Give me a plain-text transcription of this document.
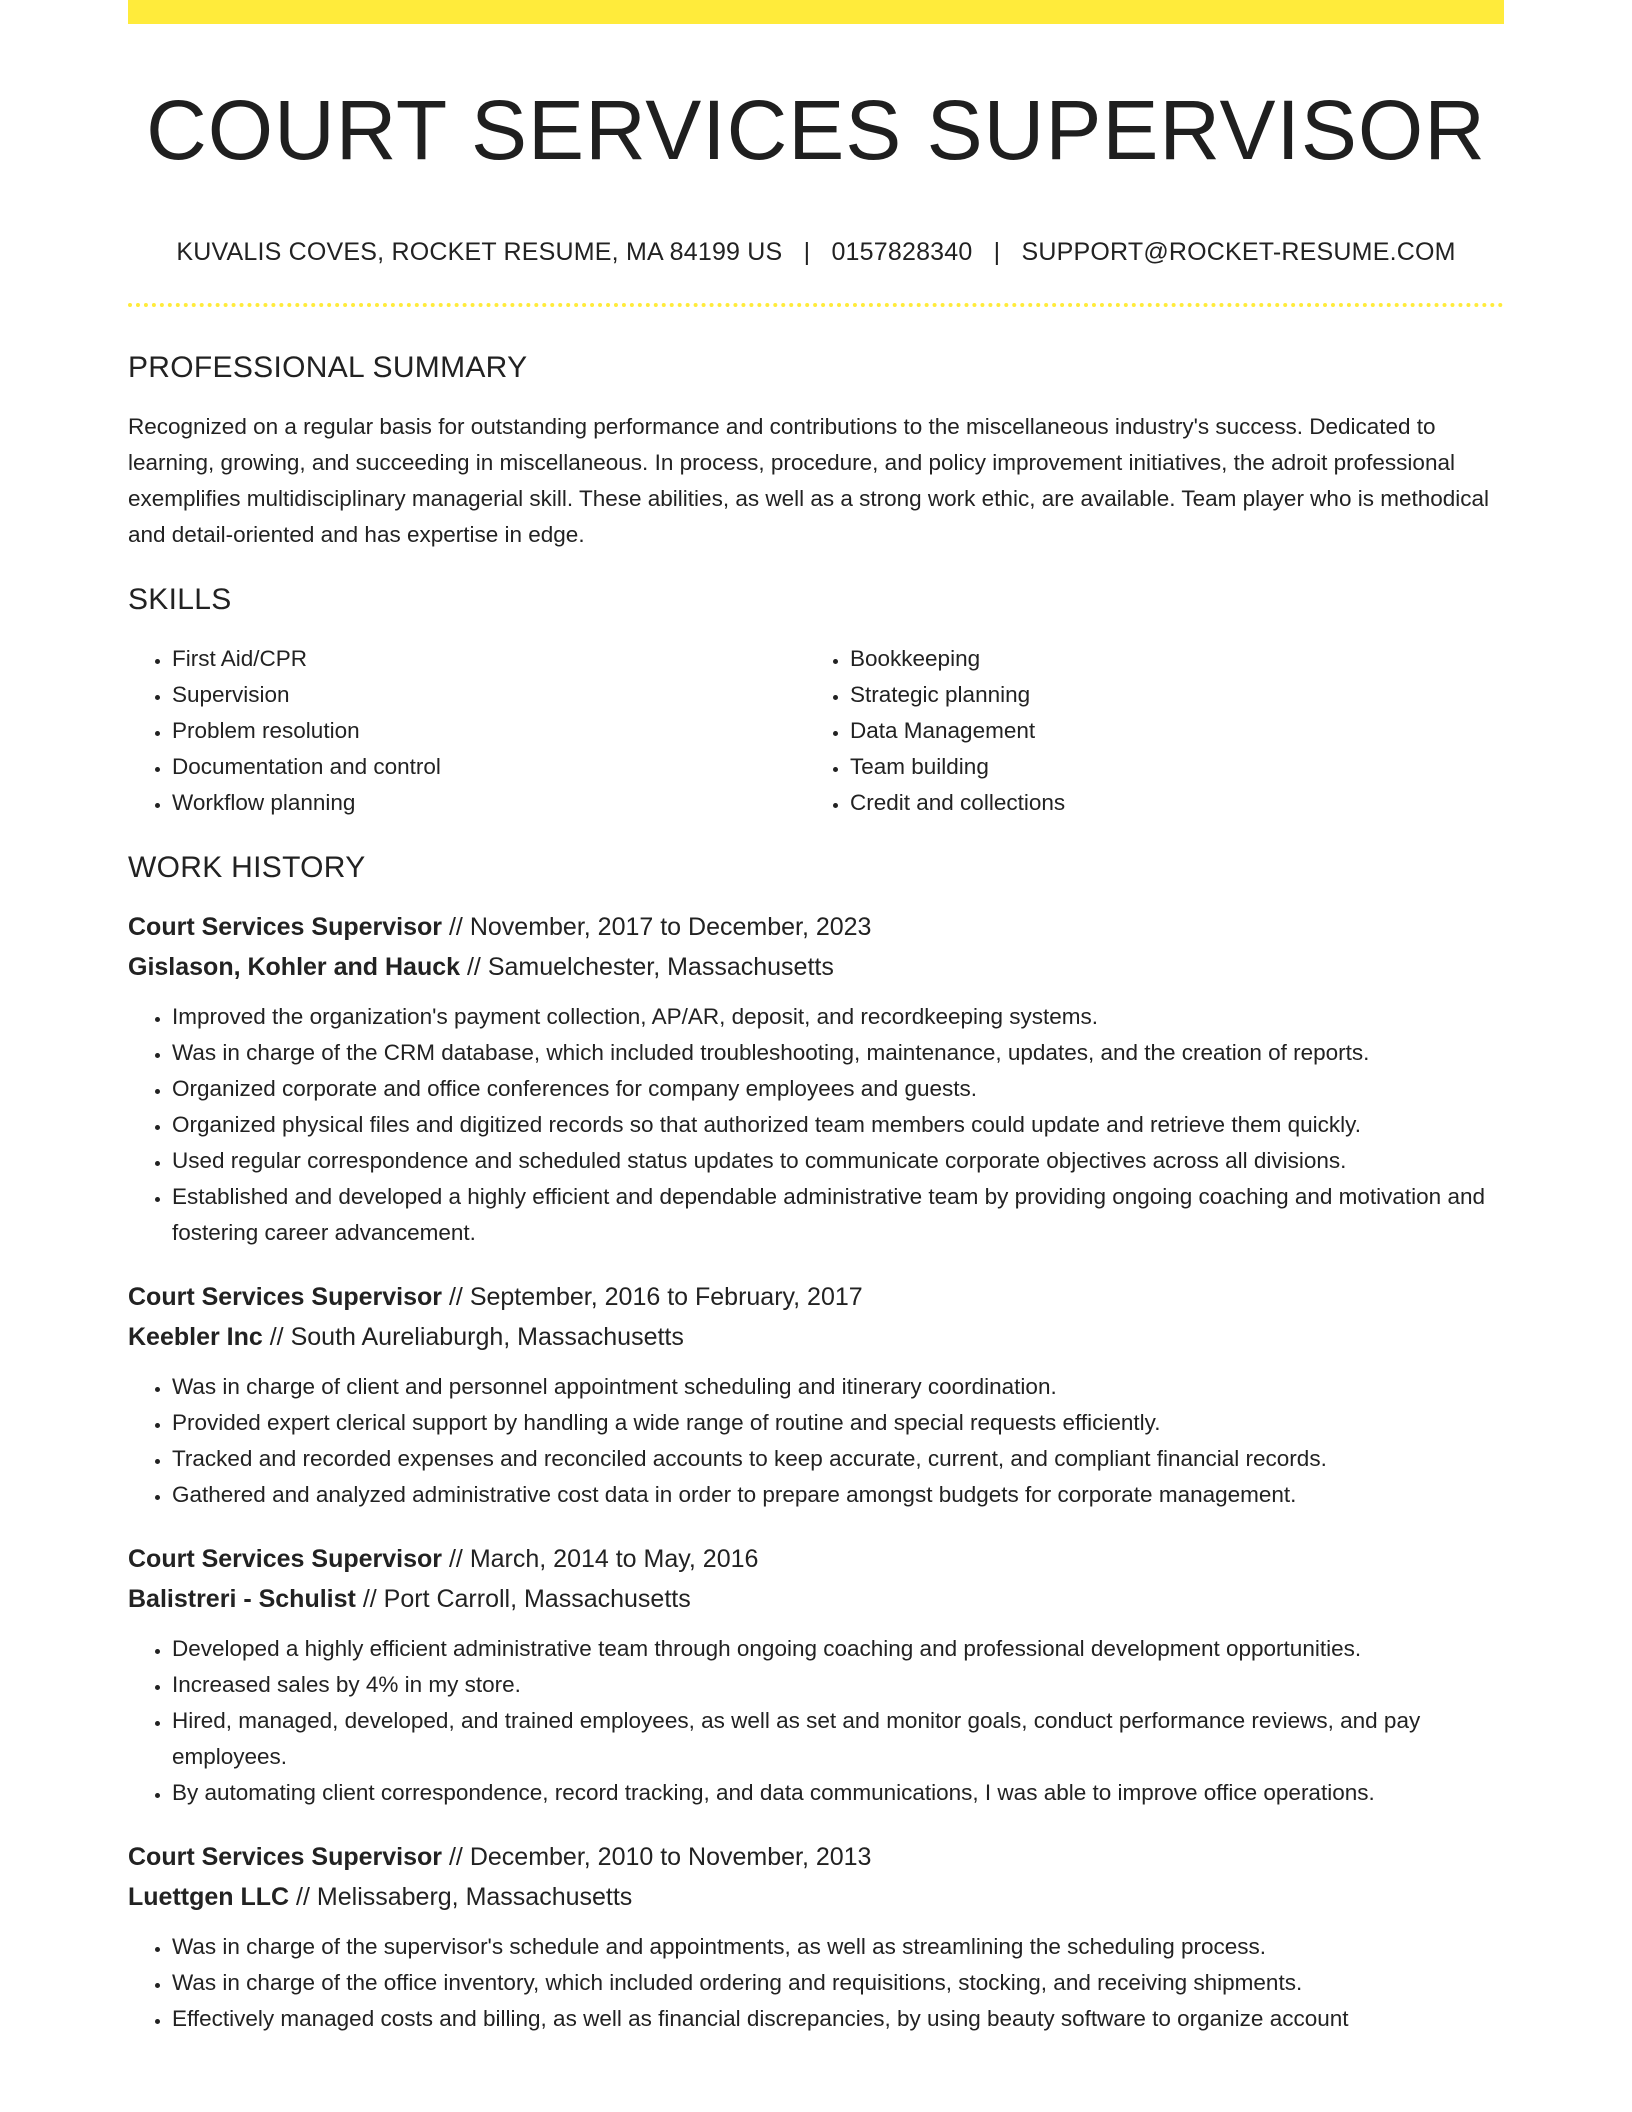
COURT SERVICES SUPERVISOR
KUVALIS COVES, ROCKET RESUME, MA 84199 US | 0157828340 | SUPPORT@ROCKET-RESUME.COM
PROFESSIONAL SUMMARY

Recognized on a regular basis for outstanding performance and contributions to the miscellaneous industry's success. Dedicated to learning, growing, and succeeding in miscellaneous. In process, procedure, and policy improvement initiatives, the adroit professional exemplifies multidisciplinary managerial skill. These abilities, as well as a strong work ethic, are available. Team player who is methodical and detail-oriented and has expertise in edge.

SKILLS
• First Aid/CPR
• Supervision
• Problem resolution
• Documentation and control
• Workflow planning
• Bookkeeping
• Strategic planning
• Data Management
• Team building
• Credit and collections
WORK HISTORY
Court Services Supervisor // November, 2017 to December, 2023
Gislason, Kohler and Hauck // Samuelchester, Massachusetts
• Improved the organization's payment collection, AP/AR, deposit, and recordkeeping systems.
• Was in charge of the CRM database, which included troubleshooting, maintenance, updates, and the creation of reports.
• Organized corporate and office conferences for company employees and guests.
• Organized physical files and digitized records so that authorized team members could update and retrieve them quickly.
• Used regular correspondence and scheduled status updates to communicate corporate objectives across all divisions.
• Established and developed a highly efficient and dependable administrative team by providing ongoing coaching and motivation and fostering career advancement.
Court Services Supervisor // September, 2016 to February, 2017
Keebler Inc // South Aureliaburgh, Massachusetts
• Was in charge of client and personnel appointment scheduling and itinerary coordination.
• Provided expert clerical support by handling a wide range of routine and special requests efficiently.
• Tracked and recorded expenses and reconciled accounts to keep accurate, current, and compliant financial records.
• Gathered and analyzed administrative cost data in order to prepare amongst budgets for corporate management.
Court Services Supervisor // March, 2014 to May, 2016
Balistreri - Schulist // Port Carroll, Massachusetts
• Developed a highly efficient administrative team through ongoing coaching and professional development opportunities.
• Increased sales by 4% in my store.
• Hired, managed, developed, and trained employees, as well as set and monitor goals, conduct performance reviews, and pay employees.
• By automating client correspondence, record tracking, and data communications, I was able to improve office operations.
Court Services Supervisor // December, 2010 to November, 2013
Luettgen LLC // Melissaberg, Massachusetts
• Was in charge of the supervisor's schedule and appointments, as well as streamlining the scheduling process.
• Was in charge of the office inventory, which included ordering and requisitions, stocking, and receiving shipments.
• Effectively managed costs and billing, as well as financial discrepancies, by using beauty software to organize account
